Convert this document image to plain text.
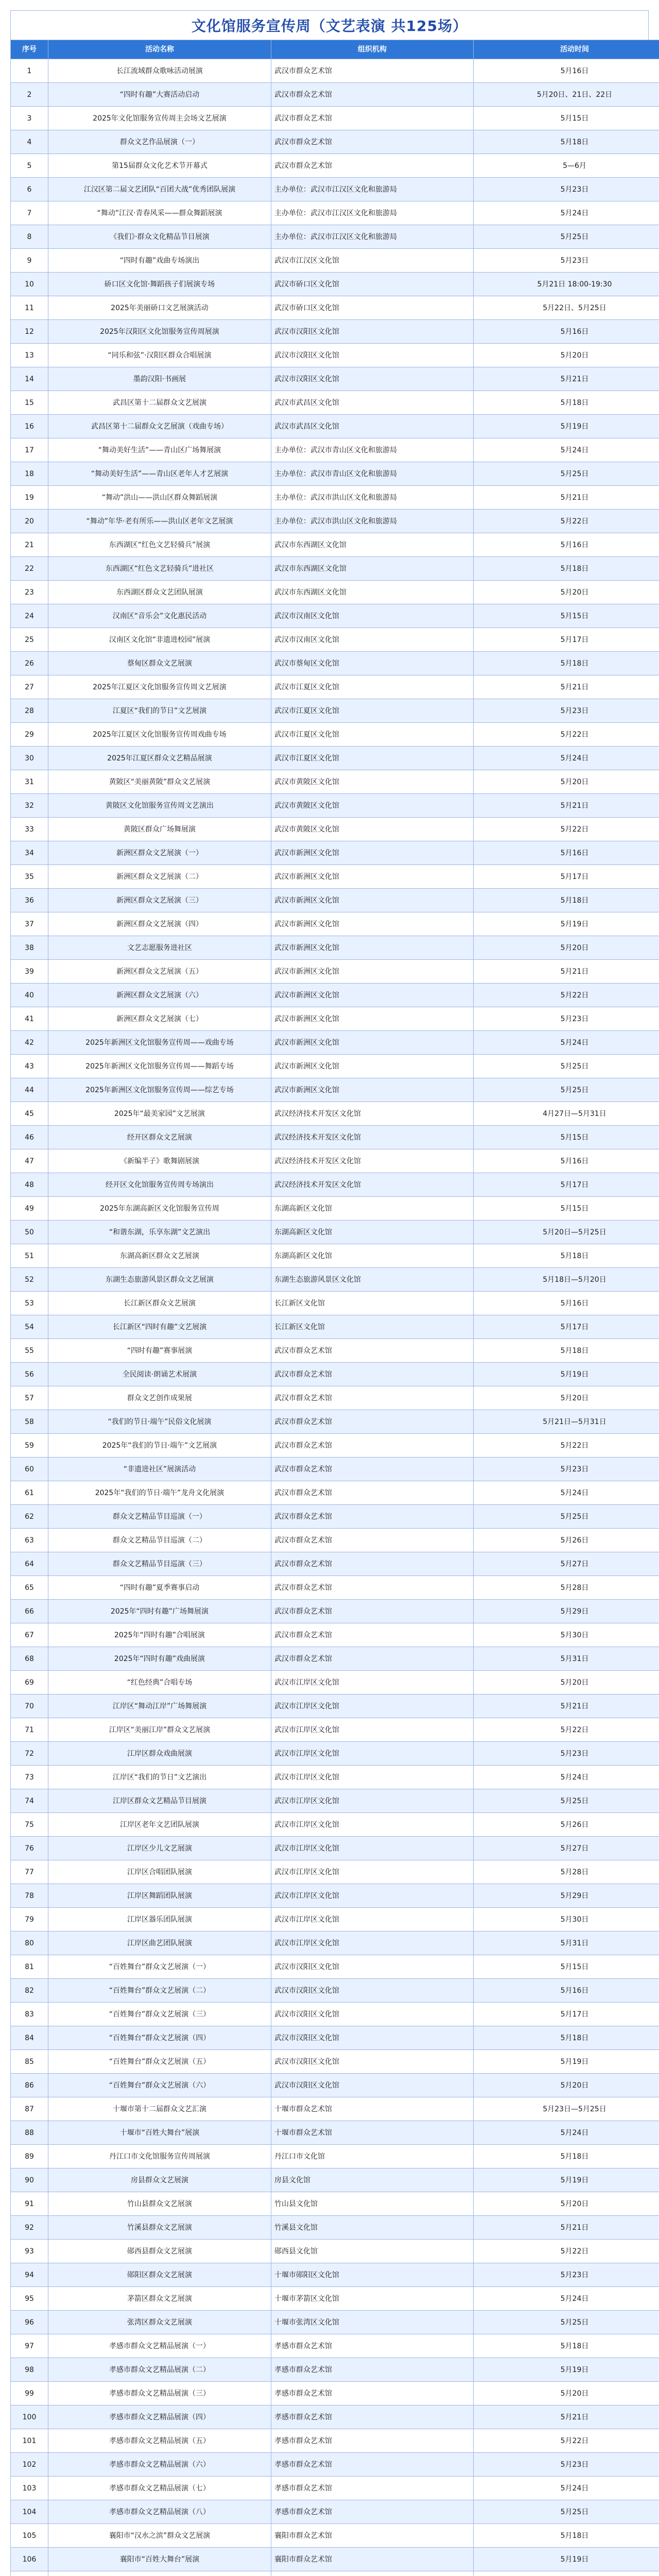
文化馆服务宣传周（文艺表演 共125场）
序号	活动名称	组织机构	活动时间
1	长江流域群众歌咏活动展演	武汉市群众艺术馆	5月16日
2	“四时有趣”大赛活动启动	武汉市群众艺术馆	5月20日、21日、22日
3	2025年文化馆服务宣传周主会场文艺展演	武汉市群众艺术馆	5月15日
4	群众文艺作品展演（一）	武汉市群众艺术馆	5月18日
5	第15届群众文化艺术节开幕式	武汉市群众艺术馆	5—6月
6	江汉区第二届文艺团队“百团大战”优秀团队展演	主办单位：武汉市江汉区文化和旅游局	5月23日
7	“舞动”江汉·青春风采——群众舞蹈展演	主办单位：武汉市江汉区文化和旅游局	5月24日
8	《我们》·群众文化精品节目展演	主办单位：武汉市江汉区文化和旅游局	5月25日
9	“四时有趣”戏曲专场演出	武汉市江汉区文化馆	5月23日
10	硚口区文化馆·舞蹈孩子们展演专场	武汉市硚口区文化馆	5月21日 18:00-19:30
11	2025年美丽硚口文艺展演活动	武汉市硚口区文化馆	5月22日、5月25日
12	2025年汉阳区文化馆服务宣传周展演	武汉市汉阳区文化馆	5月16日
13	“同乐和弦”·汉阳区群众合唱展演	武汉市汉阳区文化馆	5月20日
14	墨韵汉阳·书画展	武汉市汉阳区文化馆	5月21日
15	武昌区第十二届群众文艺展演	武汉市武昌区文化馆	5月18日
16	武昌区第十二届群众文艺展演（戏曲专场）	武汉市武昌区文化馆	5月19日
17	“舞动美好生活”——青山区广场舞展演	主办单位：武汉市青山区文化和旅游局	5月24日
18	“舞动美好生活”——青山区老年人才艺展演	主办单位：武汉市青山区文化和旅游局	5月25日
19	“舞动”洪山——洪山区群众舞蹈展演	主办单位：武汉市洪山区文化和旅游局	5月21日
20	“舞动”年华·老有所乐——洪山区老年文艺展演	主办单位：武汉市洪山区文化和旅游局	5月22日
21	东西湖区“红色文艺轻骑兵”展演	武汉市东西湖区文化馆	5月16日
22	东西湖区“红色文艺轻骑兵”进社区	武汉市东西湖区文化馆	5月18日
23	东西湖区群众文艺团队展演	武汉市东西湖区文化馆	5月20日
24	汉南区“音乐会”文化惠民活动	武汉市汉南区文化馆	5月15日
25	汉南区文化馆“非遗进校园”展演	武汉市汉南区文化馆	5月17日
26	蔡甸区群众文艺展演	武汉市蔡甸区文化馆	5月18日
27	2025年江夏区文化馆服务宣传周文艺展演	武汉市江夏区文化馆	5月21日
28	江夏区“我们的节日”文艺展演	武汉市江夏区文化馆	5月23日
29	2025年江夏区文化馆服务宣传周戏曲专场	武汉市江夏区文化馆	5月22日
30	2025年江夏区群众文艺精品展演	武汉市江夏区文化馆	5月24日
31	黄陂区“美丽黄陂”群众文艺展演	武汉市黄陂区文化馆	5月20日
32	黄陂区文化馆服务宣传周文艺演出	武汉市黄陂区文化馆	5月21日
33	黄陂区群众广场舞展演	武汉市黄陂区文化馆	5月22日
34	新洲区群众文艺展演（一）	武汉市新洲区文化馆	5月16日
35	新洲区群众文艺展演（二）	武汉市新洲区文化馆	5月17日
36	新洲区群众文艺展演（三）	武汉市新洲区文化馆	5月18日
37	新洲区群众文艺展演（四）	武汉市新洲区文化馆	5月19日
38	文艺志愿服务进社区	武汉市新洲区文化馆	5月20日
39	新洲区群众文艺展演（五）	武汉市新洲区文化馆	5月21日
40	新洲区群众文艺展演（六）	武汉市新洲区文化馆	5月22日
41	新洲区群众文艺展演（七）	武汉市新洲区文化馆	5月23日
42	2025年新洲区文化馆服务宣传周——戏曲专场	武汉市新洲区文化馆	5月24日
43	2025年新洲区文化馆服务宣传周——舞蹈专场	武汉市新洲区文化馆	5月25日
44	2025年新洲区文化馆服务宣传周——综艺专场	武汉市新洲区文化馆	5月25日
45	2025年“最美家园”文艺展演	武汉经济技术开发区文化馆	4月27日—5月31日
46	经开区群众文艺展演	武汉经济技术开发区文化馆	5月15日
47	《新编半子》歌舞剧展演	武汉经济技术开发区文化馆	5月16日
48	经开区文化馆服务宣传周专场演出	武汉经济技术开发区文化馆	5月17日
49	2025年东湖高新区文化馆服务宣传周	东湖高新区文化馆	5月15日
50	“和谐东湖，乐享东湖”文艺演出	东湖高新区文化馆	5月20日—5月25日
51	东湖高新区群众文艺展演	东湖高新区文化馆	5月18日
52	东湖生态旅游风景区群众文艺展演	东湖生态旅游风景区文化馆	5月18日—5月20日
53	长江新区群众文艺展演	长江新区文化馆	5月16日
54	长江新区“四时有趣”文艺展演	长江新区文化馆	5月17日
55	“四时有趣”赛事展演	武汉市群众艺术馆	5月18日
56	全民阅读·朗诵艺术展演	武汉市群众艺术馆	5月19日
57	群众文艺创作成果展	武汉市群众艺术馆	5月20日
58	“我们的节日·端午”民俗文化展演	武汉市群众艺术馆	5月21日—5月31日
59	2025年“我们的节日·端午”文艺展演	武汉市群众艺术馆	5月22日
60	“非遗进社区”展演活动	武汉市群众艺术馆	5月23日
61	2025年“我们的节日·端午”龙舟文化展演	武汉市群众艺术馆	5月24日
62	群众文艺精品节目巡演（一）	武汉市群众艺术馆	5月25日
63	群众文艺精品节目巡演（二）	武汉市群众艺术馆	5月26日
64	群众文艺精品节目巡演（三）	武汉市群众艺术馆	5月27日
65	“四时有趣”夏季赛事启动	武汉市群众艺术馆	5月28日
66	2025年“四时有趣”广场舞展演	武汉市群众艺术馆	5月29日
67	2025年“四时有趣”合唱展演	武汉市群众艺术馆	5月30日
68	2025年“四时有趣”戏曲展演	武汉市群众艺术馆	5月31日
69	“红色经典”合唱专场	武汉市江岸区文化馆	5月20日
70	江岸区“舞动江岸”广场舞展演	武汉市江岸区文化馆	5月21日
71	江岸区“美丽江岸”群众文艺展演	武汉市江岸区文化馆	5月22日
72	江岸区群众戏曲展演	武汉市江岸区文化馆	5月23日
73	江岸区“我们的节日”文艺演出	武汉市江岸区文化馆	5月24日
74	江岸区群众文艺精品节目展演	武汉市江岸区文化馆	5月25日
75	江岸区老年文艺团队展演	武汉市江岸区文化馆	5月26日
76	江岸区少儿文艺展演	武汉市江岸区文化馆	5月27日
77	江岸区合唱团队展演	武汉市江岸区文化馆	5月28日
78	江岸区舞蹈团队展演	武汉市江岸区文化馆	5月29日
79	江岸区器乐团队展演	武汉市江岸区文化馆	5月30日
80	江岸区曲艺团队展演	武汉市江岸区文化馆	5月31日
81	“百姓舞台”群众文艺展演（一）	武汉市汉阳区文化馆	5月15日
82	“百姓舞台”群众文艺展演（二）	武汉市汉阳区文化馆	5月16日
83	“百姓舞台”群众文艺展演（三）	武汉市汉阳区文化馆	5月17日
84	“百姓舞台”群众文艺展演（四）	武汉市汉阳区文化馆	5月18日
85	“百姓舞台”群众文艺展演（五）	武汉市汉阳区文化馆	5月19日
86	“百姓舞台”群众文艺展演（六）	武汉市汉阳区文化馆	5月20日
87	十堰市第十二届群众文艺汇演	十堰市群众艺术馆	5月23日—5月25日
88	十堰市“百姓大舞台”展演	十堰市群众艺术馆	5月24日
89	丹江口市文化馆服务宣传周展演	丹江口市文化馆	5月18日
90	房县群众文艺展演	房县文化馆	5月19日
91	竹山县群众文艺展演	竹山县文化馆	5月20日
92	竹溪县群众文艺展演	竹溪县文化馆	5月21日
93	郧西县群众文艺展演	郧西县文化馆	5月22日
94	郧阳区群众文艺展演	十堰市郧阳区文化馆	5月23日
95	茅箭区群众文艺展演	十堰市茅箭区文化馆	5月24日
96	张湾区群众文艺展演	十堰市张湾区文化馆	5月25日
97	孝感市群众文艺精品展演（一）	孝感市群众艺术馆	5月18日
98	孝感市群众文艺精品展演（二）	孝感市群众艺术馆	5月19日
99	孝感市群众文艺精品展演（三）	孝感市群众艺术馆	5月20日
100	孝感市群众文艺精品展演（四）	孝感市群众艺术馆	5月21日
101	孝感市群众文艺精品展演（五）	孝感市群众艺术馆	5月22日
102	孝感市群众文艺精品展演（六）	孝感市群众艺术馆	5月23日
103	孝感市群众文艺精品展演（七）	孝感市群众艺术馆	5月24日
104	孝感市群众文艺精品展演（八）	孝感市群众艺术馆	5月25日
105	襄阳市“汉水之滨”群众文艺展演	襄阳市群众艺术馆	5月18日
106	襄阳市“百姓大舞台”展演	襄阳市群众艺术馆	5月19日
